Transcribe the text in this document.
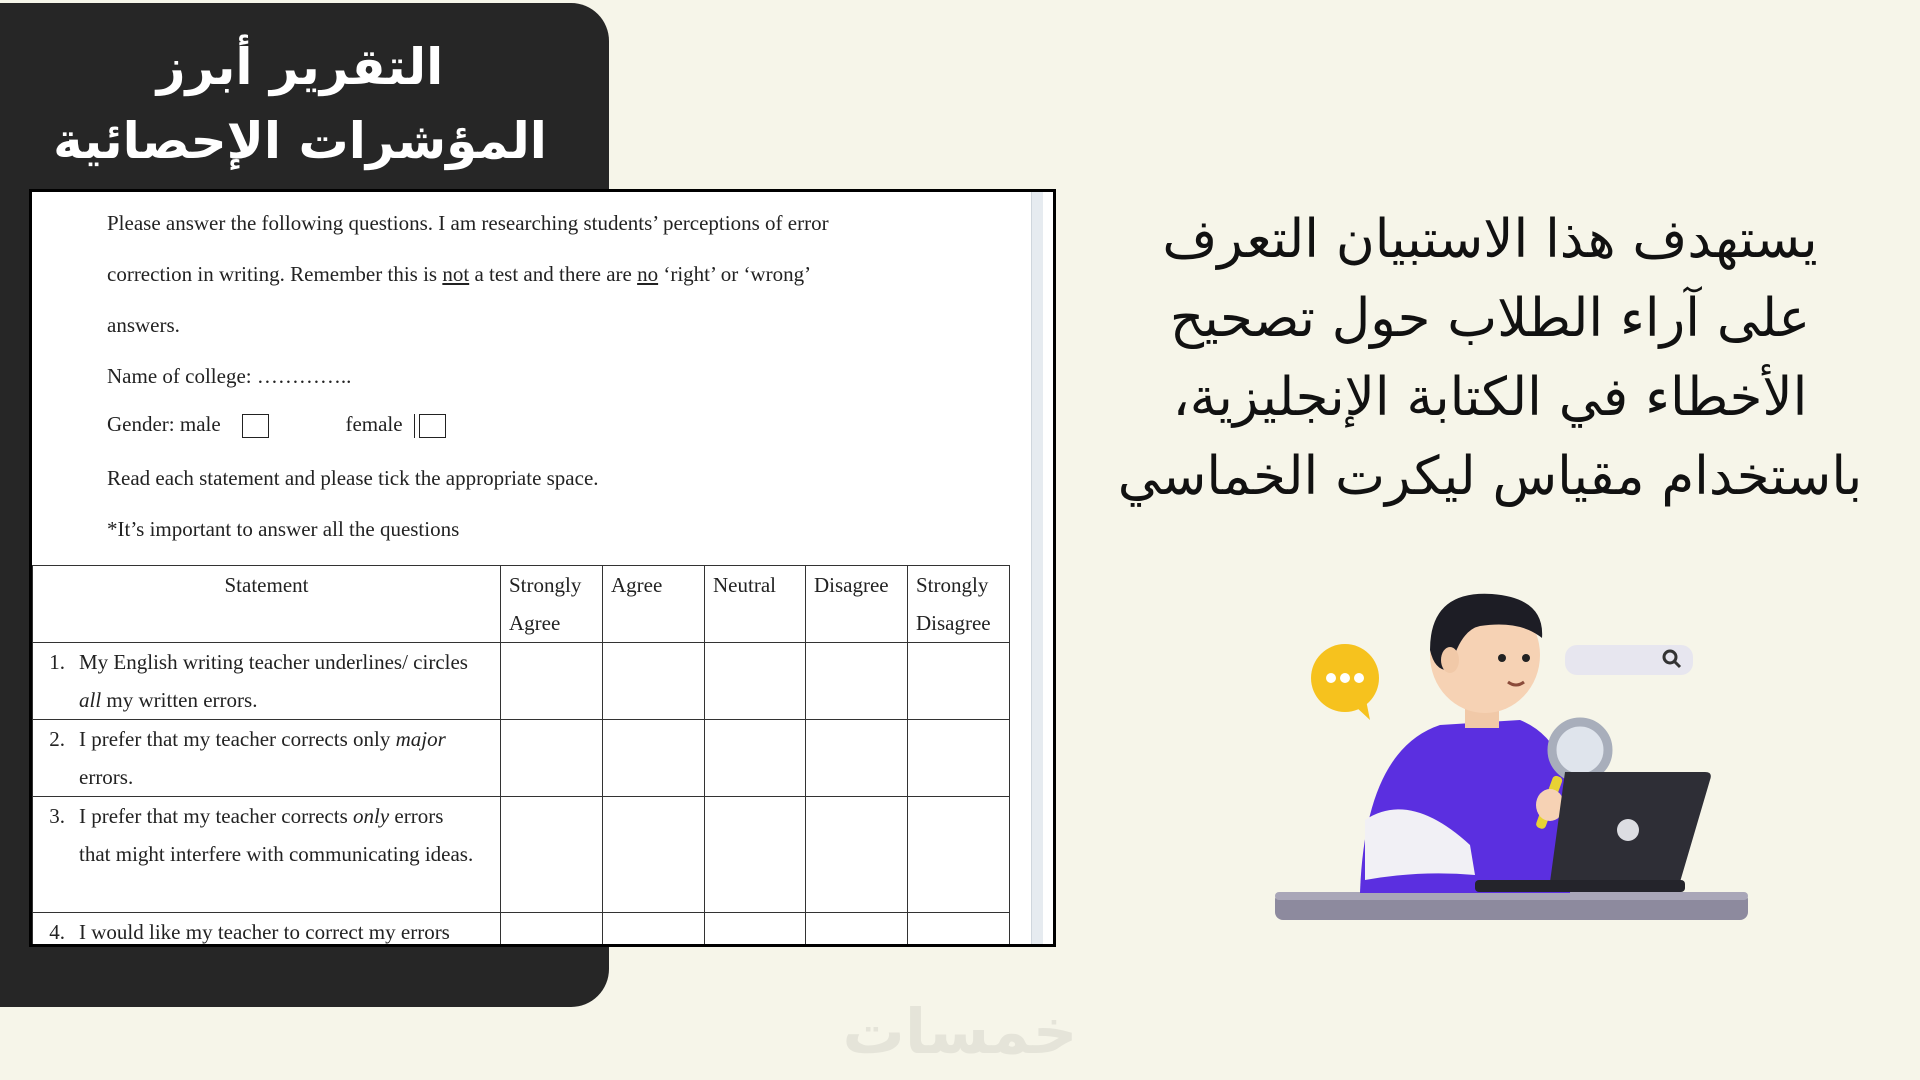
التقرير أبرز
المؤشرات الإحصائية
Please answer the following questions. I am researching students’ perceptions of error
correction in writing. Remember this is not a test and there are no ‘right’ or ‘wrong’
answers.
Name of college: …………..
Gender: male	female
Read each statement and please tick the appropriate space.
*It’s important to answer all the questions
Statement	Strongly Agree	Agree	Neutral	Disagree	Strongly Disagree
1. My English writing teacher underlines/ circles all my written errors.					
2. I prefer that my teacher corrects only major errors.					
3. I prefer that my teacher corrects only errors that might interfere with communicating ideas.					
4. I would like my teacher to correct my errors					
يستهدف هذا الاستبيان التعرف
على آراء الطلاب حول تصحيح
الأخطاء في الكتابة الإنجليزية،
باستخدام مقياس ليكرت الخماسي
خمسات
